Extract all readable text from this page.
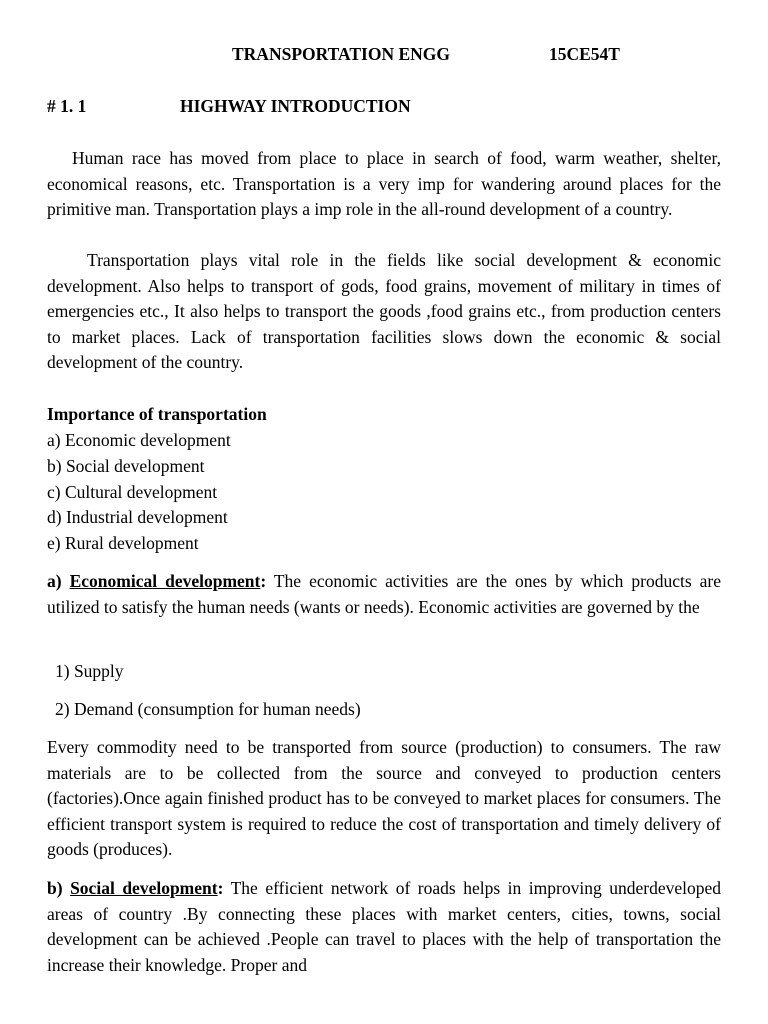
TRANSPORTATION ENGG	15CE54T
# 1. 1	HIGHWAY INTRODUCTION

Human race has moved from place to place in search of food, warm weather, shelter, economical reasons, etc. Transportation is a very imp for wandering around places for the primitive man. Transportation plays a imp role in the all-round development of a country.

Transportation plays vital role in the fields like social development & economic development. Also helps to transport of gods, food grains, movement of military in times of emergencies etc., It also helps to transport the goods ,food grains etc., from production centers to market places. Lack of transportation facilities slows down the economic & social development of the country.

Importance of transportation
a) Economic development
b) Social development
c) Cultural development
d) Industrial development
e) Rural development

a) Economical development: The economic activities are the ones by which products are utilized to satisfy the human needs (wants or needs). Economic activities are governed by the

1) Supply
2) Demand (consumption for human needs)

Every commodity need to be transported from source (production) to consumers. The raw materials are to be collected from the source and conveyed to production centers (factories).Once again finished product has to be conveyed to market places for consumers. The efficient transport system is required to reduce the cost of transportation and timely delivery of goods (produces).

b) Social development: The efficient network of roads helps in improving underdeveloped areas of country .By connecting these places with market centers, cities, towns, social development can be achieved .People can travel to places with the help of transportation the increase their knowledge. Proper and
